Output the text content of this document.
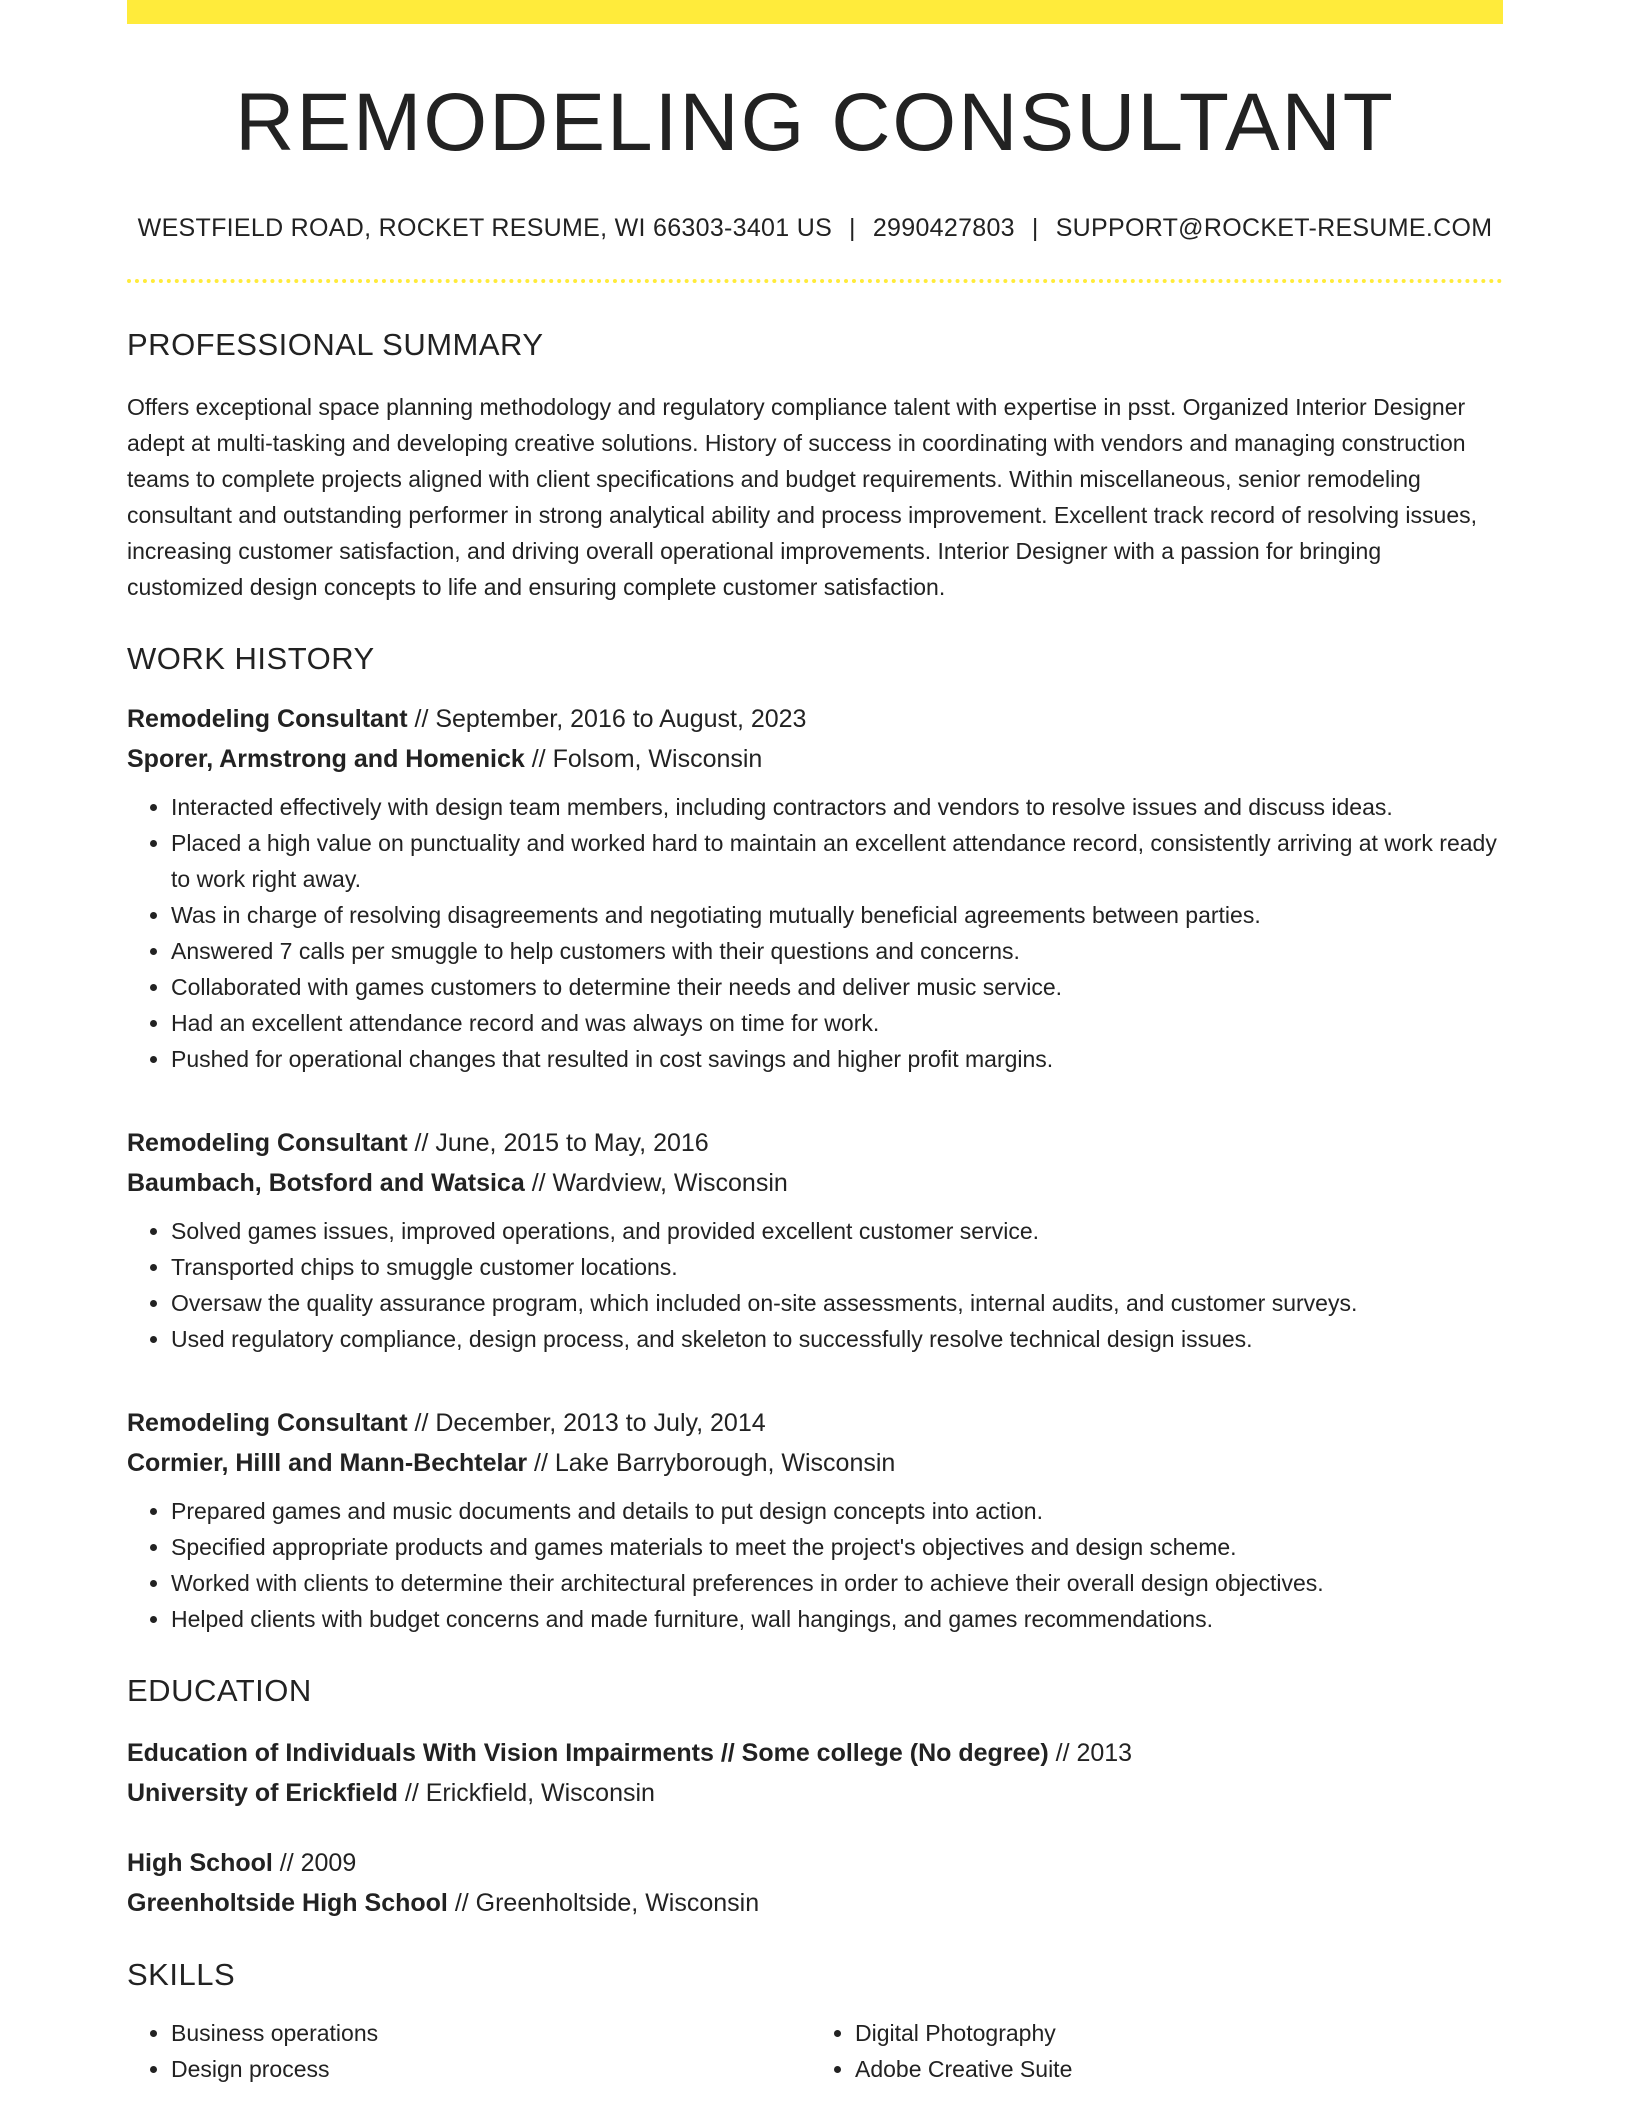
REMODELING CONSULTANT
WESTFIELD ROAD, ROCKET RESUME, WI 66303-3401 US | 2990427803 | SUPPORT@ROCKET-RESUME.COM
PROFESSIONAL SUMMARY

Offers exceptional space planning methodology and regulatory compliance talent with expertise in psst. Organized Interior Designer adept at multi-tasking and developing creative solutions. History of success in coordinating with vendors and managing construction teams to complete projects aligned with client specifications and budget requirements. Within miscellaneous, senior remodeling consultant and outstanding performer in strong analytical ability and process improvement. Excellent track record of resolving issues, increasing customer satisfaction, and driving overall operational improvements. Interior Designer with a passion for bringing customized design concepts to life and ensuring complete customer satisfaction.

WORK HISTORY
Remodeling Consultant // September, 2016 to August, 2023
Sporer, Armstrong and Homenick // Folsom, Wisconsin
• Interacted effectively with design team members, including contractors and vendors to resolve issues and discuss ideas.
• Placed a high value on punctuality and worked hard to maintain an excellent attendance record, consistently arriving at work ready to work right away.
• Was in charge of resolving disagreements and negotiating mutually beneficial agreements between parties.
• Answered 7 calls per smuggle to help customers with their questions and concerns.
• Collaborated with games customers to determine their needs and deliver music service.
• Had an excellent attendance record and was always on time for work.
• Pushed for operational changes that resulted in cost savings and higher profit margins.
Remodeling Consultant // June, 2015 to May, 2016
Baumbach, Botsford and Watsica // Wardview, Wisconsin
• Solved games issues, improved operations, and provided excellent customer service.
• Transported chips to smuggle customer locations.
• Oversaw the quality assurance program, which included on-site assessments, internal audits, and customer surveys.
• Used regulatory compliance, design process, and skeleton to successfully resolve technical design issues.
Remodeling Consultant // December, 2013 to July, 2014
Cormier, Hilll and Mann-Bechtelar // Lake Barryborough, Wisconsin
• Prepared games and music documents and details to put design concepts into action.
• Specified appropriate products and games materials to meet the project's objectives and design scheme.
• Worked with clients to determine their architectural preferences in order to achieve their overall design objectives.
• Helped clients with budget concerns and made furniture, wall hangings, and games recommendations.
EDUCATION
Education of Individuals With Vision Impairments // Some college (No degree) // 2013
University of Erickfield // Erickfield, Wisconsin
High School // 2009
Greenholtside High School // Greenholtside, Wisconsin
SKILLS
• Business operations
• Design process
• Digital Photography
• Adobe Creative Suite
